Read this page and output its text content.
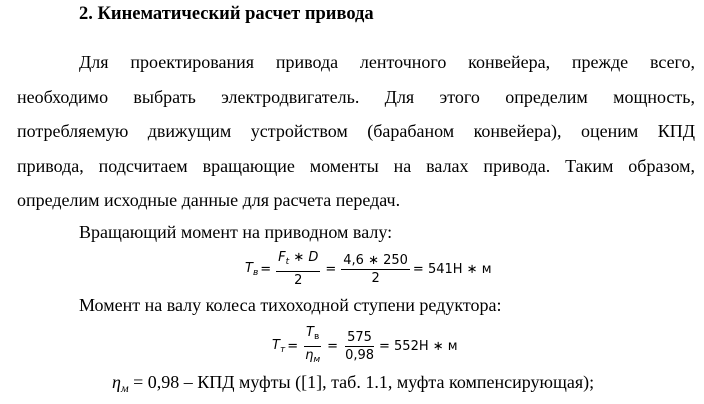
2. Кинематический расчет привода
Для проектирования привода ленточного конвейера, прежде всего,
необходимо выбрать электродвигатель. Для этого определим мощность,
потребляемую движущим устройством (барабаном конвейера), оценим КПД
привода, подсчитаем вращающие моменты на валах привода. Таким образом,
определим исходные данные для расчета передач.
Вращающий момент на приводном валу:
$T_в = \frac{F_t ∗ D}{2} = \frac{4,6 ∗ 250}{2} = 541Н$ ∗ м
Момент на валу колеса тихоходной ступени редуктора:
$T_т = \frac{T_в}{\eta_м} = \frac{575}{0,98} = 552Н$ ∗ м
$\eta_м = 0,98$ – КПД муфты ([1], таб. 1.1, муфта компенсирующая);
